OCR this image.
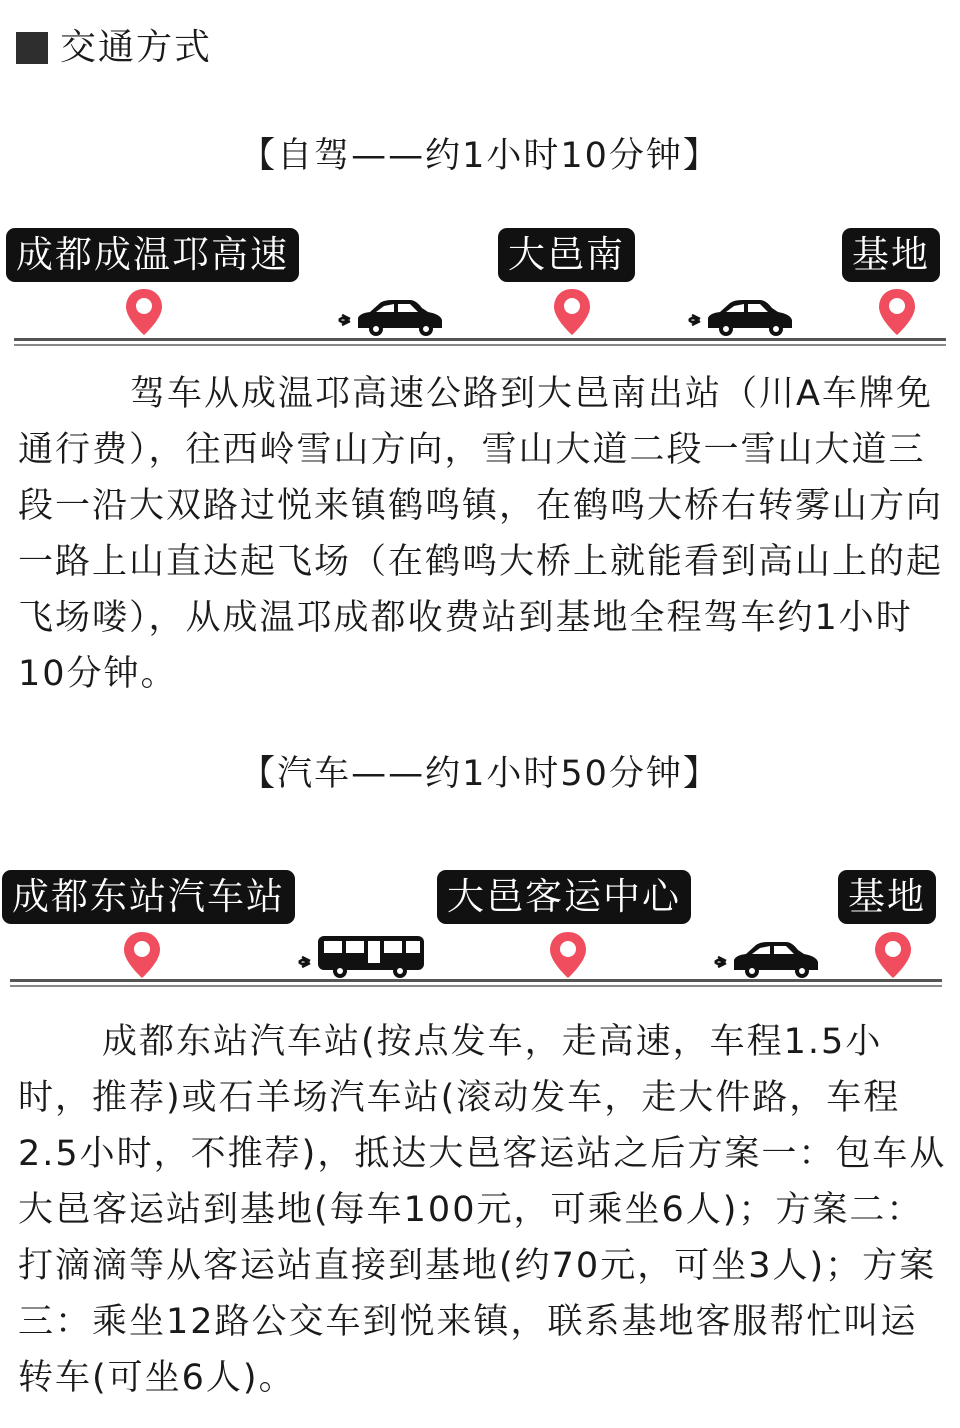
交通方式
【自驾——约1小时10分钟】
成都成温邛高速	大邑南	基地

驾车从成温邛高速公路到大邑南出站（川A车牌免通行费），往西岭雪山方向，雪山大道二段一雪山大道三段一沿大双路过悦来镇鹤鸣镇，在鹤鸣大桥右转雾山方向一路上山直达起飞场（在鹤鸣大桥上就能看到高山上的起飞场喽），从成温邛成都收费站到基地全程驾车约1小时10分钟。

【汽车——约1小时50分钟】
成都东站汽车站	大邑客运中心	基地

成都东站汽车站(按点发车，走高速，车程1.5小时，推荐)或石羊场汽车站(滚动发车，走大件路，车程2.5小时，不推荐)，抵达大邑客运站之后方案一：包车从大邑客运站到基地(每车100元，可乘坐6人)；方案二：打滴滴等从客运站直接到基地(约70元，可坐3人)；方案三：乘坐12路公交车到悦来镇，联系基地客服帮忙叫运转车(可坐6人)。
